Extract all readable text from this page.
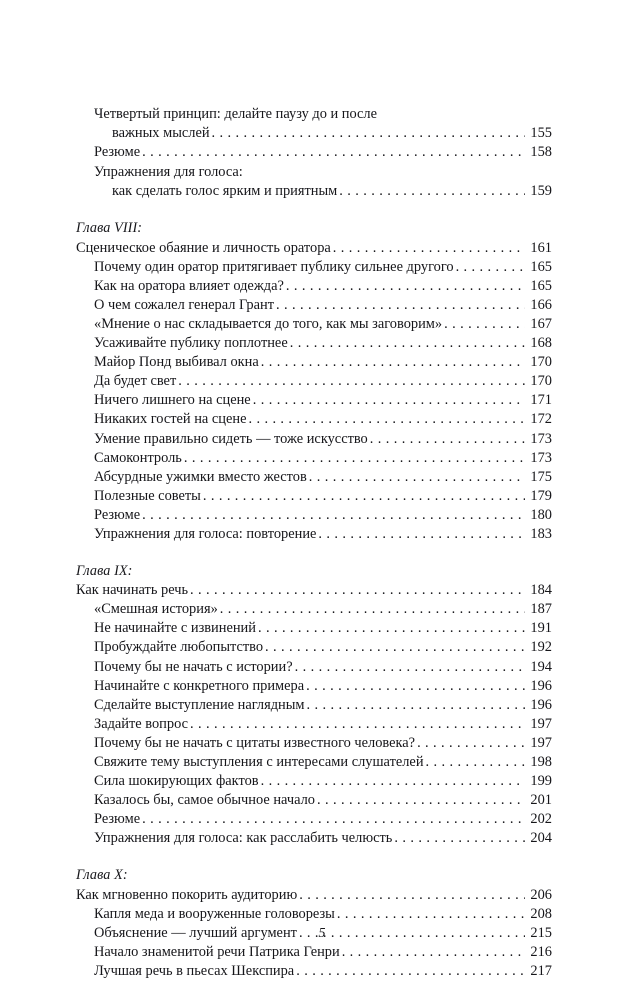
Четвертый принцип: делайте паузу до и после
важных мыслей . . .	155
Резюме . . .	158
Упражнения для голоса:
как сделать голос ярким и приятным . . .	159
Глава VIII:
Сценическое обаяние и личность оратора . . .	161
Почему один оратор притягивает публику сильнее другого . . .	165
Как на оратора влияет одежда? . . .	165
О чем сожалел генерал Грант . . .	166
«Мнение о нас складывается до того, как мы заговорим» . . .	167
Усаживайте публику поплотнее . . .	168
Майор Понд выбивал окна . . .	170
Да будет свет . . .	170
Ничего лишнего на сцене . . .	171
Никаких гостей на сцене . . .	172
Умение правильно сидеть — тоже искусство . . .	173
Самоконтроль . . .	173
Абсурдные ужимки вместо жестов . . .	175
Полезные советы . . .	179
Резюме . . .	180
Упражнения для голоса: повторение . . .	183
Глава IX:
Как начинать речь . . .	184
«Смешная история» . . .	187
Не начинайте с извинений . . .	191
Пробуждайте любопытство . . .	192
Почему бы не начать с истории? . . .	194
Начинайте с конкретного примера . . .	196
Сделайте выступление наглядным . . .	196
Задайте вопрос . . .	197
Почему бы не начать с цитаты известного человека? . . .	197
Свяжите тему выступления с интересами слушателей . . .	198
Сила шокирующих фактов . . .	199
Казалось бы, самое обычное начало . . .	201
Резюме . . .	202
Упражнения для голоса: как расслабить челюсть . . .	204
Глава X:
Как мгновенно покорить аудиторию . . .	206
Капля меда и вооруженные головорезы . . .	208
Объяснение — лучший аргумент . . .	215
Начало знаменитой речи Патрика Генри . . .	216
Лучшая речь в пьесах Шекспира . . .	217
5
